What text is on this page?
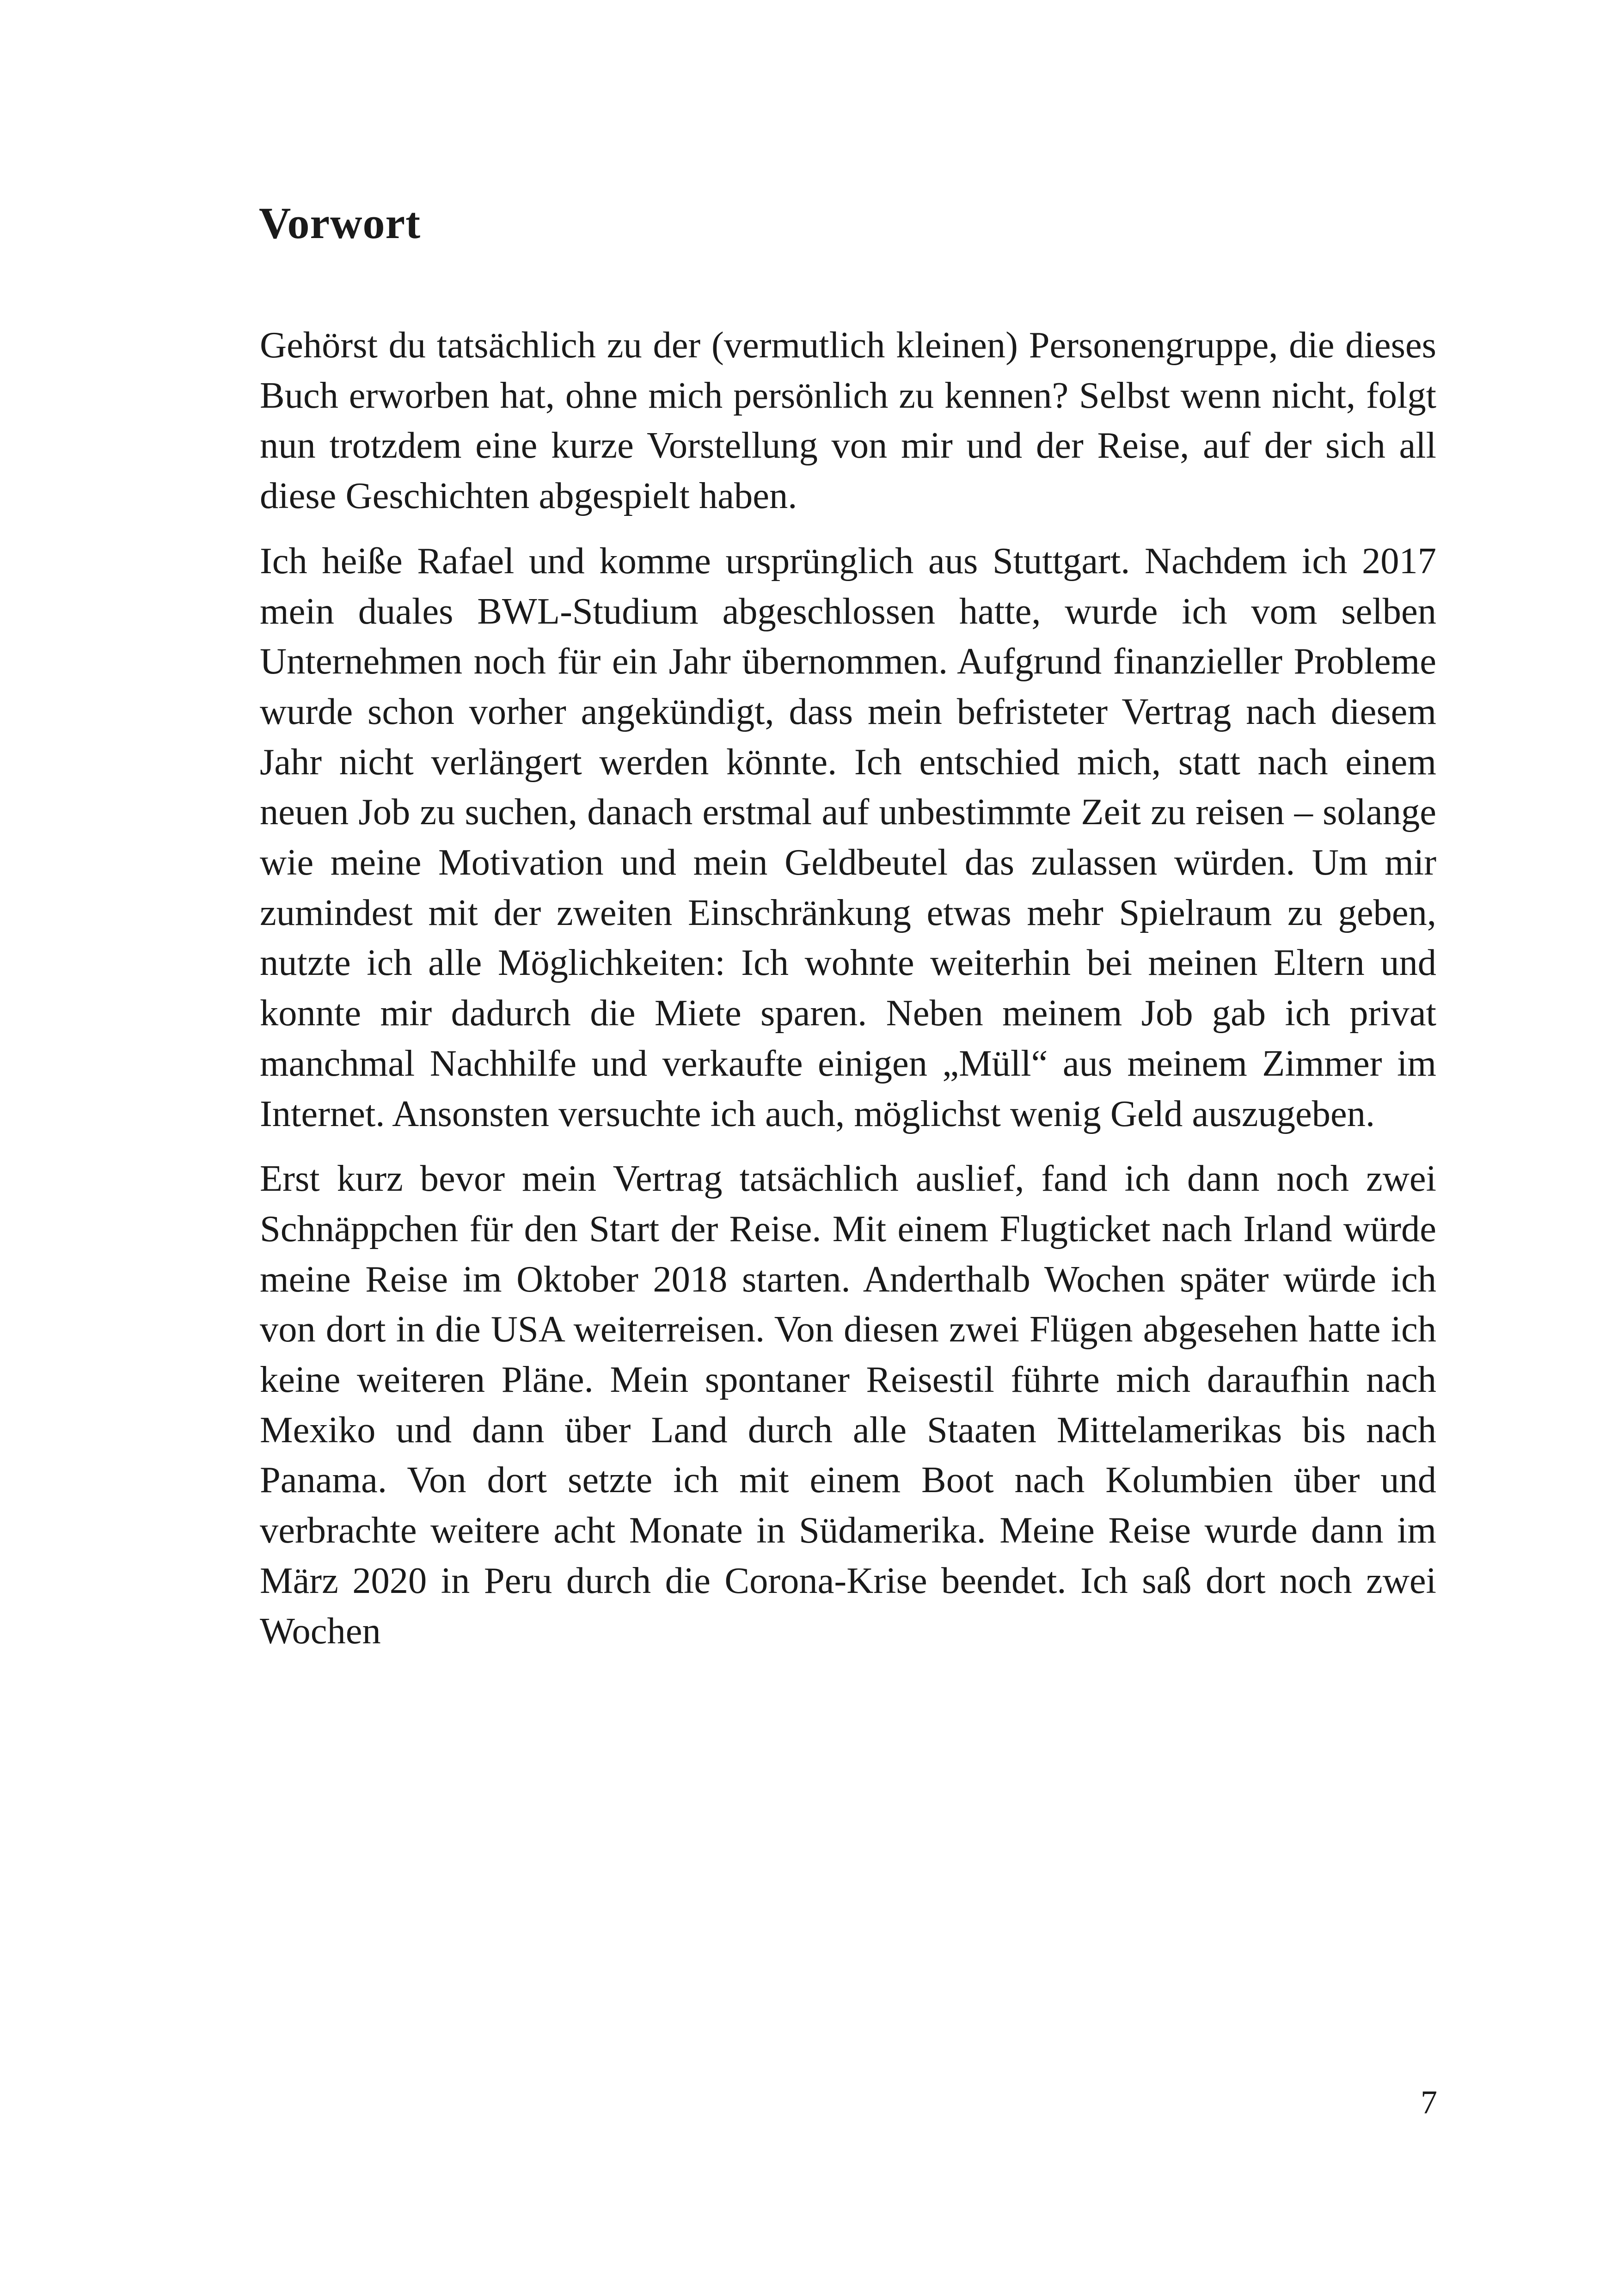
Vorwort

Gehörst du tatsächlich zu der (vermutlich kleinen) Personengruppe, die dieses Buch erworben hat, ohne mich persönlich zu kennen? Selbst wenn nicht, folgt nun trotzdem eine kurze Vorstellung von mir und der Reise, auf der sich all diese Geschichten abgespielt haben.

Ich heiße Rafael und komme ursprünglich aus Stuttgart. Nachdem ich 2017 mein duales BWL-Studium abgeschlossen hatte, wurde ich vom selben Unternehmen noch für ein Jahr übernommen. Aufgrund finanzieller Probleme wurde schon vorher angekündigt, dass mein befristeter Vertrag nach diesem Jahr nicht verlängert werden könnte. Ich entschied mich, statt nach einem neuen Job zu suchen, danach erstmal auf unbestimmte Zeit zu reisen – solange wie meine Motivation und mein Geldbeutel das zulassen würden. Um mir zumindest mit der zweiten Einschränkung etwas mehr Spielraum zu geben, nutzte ich alle Möglichkeiten: Ich wohnte weiterhin bei meinen Eltern und konnte mir dadurch die Miete sparen. Neben meinem Job gab ich privat manchmal Nachhilfe und verkaufte einigen „Müll“ aus meinem Zimmer im Internet. Ansonsten versuchte ich auch, möglichst wenig Geld auszugeben.

Erst kurz bevor mein Vertrag tatsächlich auslief, fand ich dann noch zwei Schnäppchen für den Start der Reise. Mit einem Flugticket nach Irland würde meine Reise im Oktober 2018 starten. Anderthalb Wochen später würde ich von dort in die USA weiterreisen. Von diesen zwei Flügen abgesehen hatte ich keine weiteren Pläne. Mein spontaner Reisestil führte mich daraufhin nach Mexiko und dann über Land durch alle Staaten Mittelamerikas bis nach Panama. Von dort setzte ich mit einem Boot nach Kolumbien über und verbrachte weitere acht Monate in Südamerika. Meine Reise wurde dann im März 2020 in Peru durch die Corona-Krise beendet. Ich saß dort noch zwei Wochen

7
